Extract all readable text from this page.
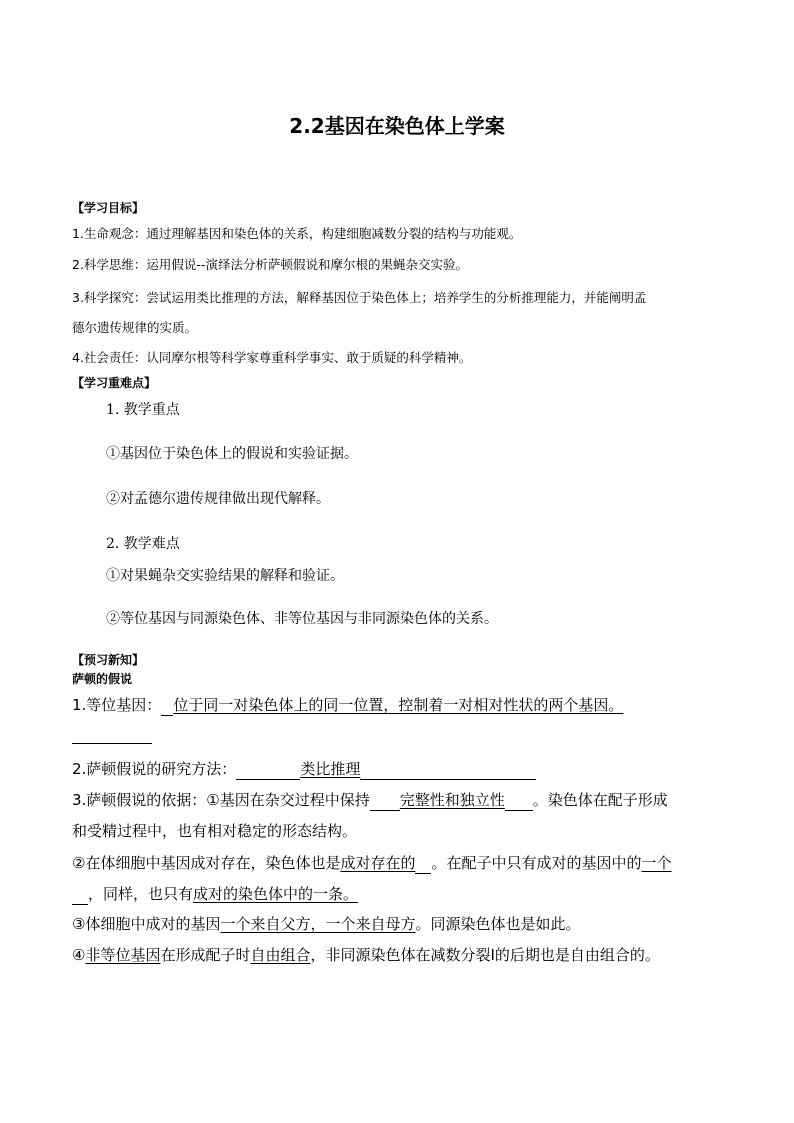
2.2基因在染色体上学案
【学习目标】
1.生命观念：通过理解基因和染色体的关系，构建细胞减数分裂的结构与功能观。
2.科学思维：运用假说--演绎法分析萨顿假说和摩尔根的果蝇杂交实验。
3.科学探究：尝试运用类比推理的方法，解释基因位于染色体上；培养学生的分析推理能力，并能阐明孟
德尔遗传规律的实质。
4.社会责任：认同摩尔根等科学家尊重科学事实、敢于质疑的科学精神。
【学习重难点】
1. 教学重点
①基因位于染色体上的假说和实验证据。
②对孟德尔遗传规律做出现代解释。
2. 教学难点
①对果蝇杂交实验结果的解释和验证。
②等位基因与同源染色体、非等位基因与非同源染色体的关系。
【预习新知】
萨顿的假说
1.等位基因： 位于同一对染色体上的同一位置，控制着一对相对性状的两个基因。
2.萨顿假说的研究方法：	类比推理
3.萨顿假说的依据：①基因在杂交过程中保持 完整性和独立性 。染色体在配子形成
和受精过程中，也有相对稳定的形态结构。
②在体细胞中基因成对存在，染色体也是成对存在的 。在配子中只有成对的基因中的一个
，同样，也只有成对的染色体中的一条。
③体细胞中成对的基因一个来自父方，一个来自母方。同源染色体也是如此。
④非等位基因在形成配子时自由组合，非同源染色体在减数分裂Ⅰ的后期也是自由组合的。
